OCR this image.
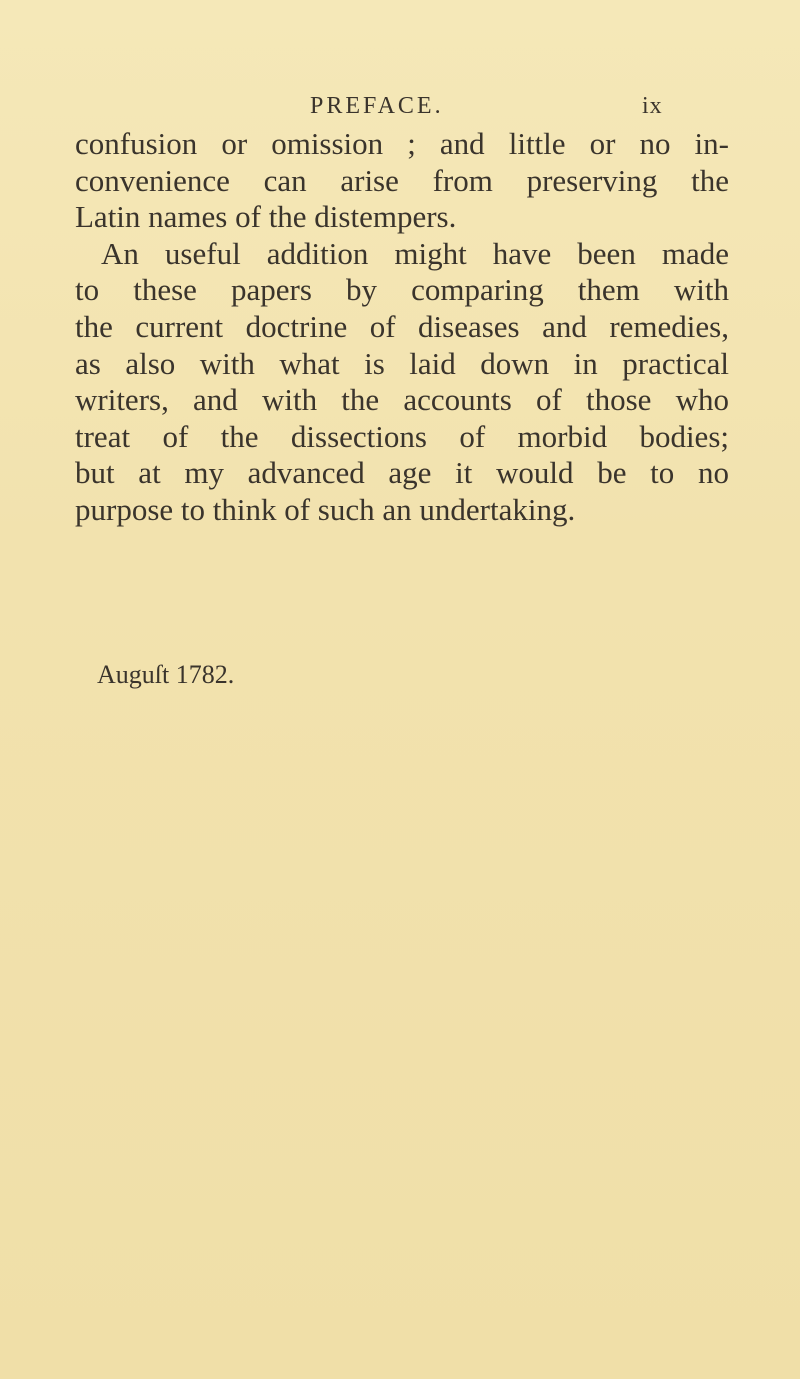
PREFACE.	ix
confusion or omission ; and little or no in-
convenience can arise from preserving the
Latin names of the distempers.
An useful addition might have been made
to these papers by comparing them with
the current doctrine of diseases and remedies,
as also with what is laid down in practical
writers, and with the accounts of those who
treat of the dissections of morbid bodies;
but at my advanced age it would be to no
purpose to think of such an undertaking.
Auguſt 1782.
